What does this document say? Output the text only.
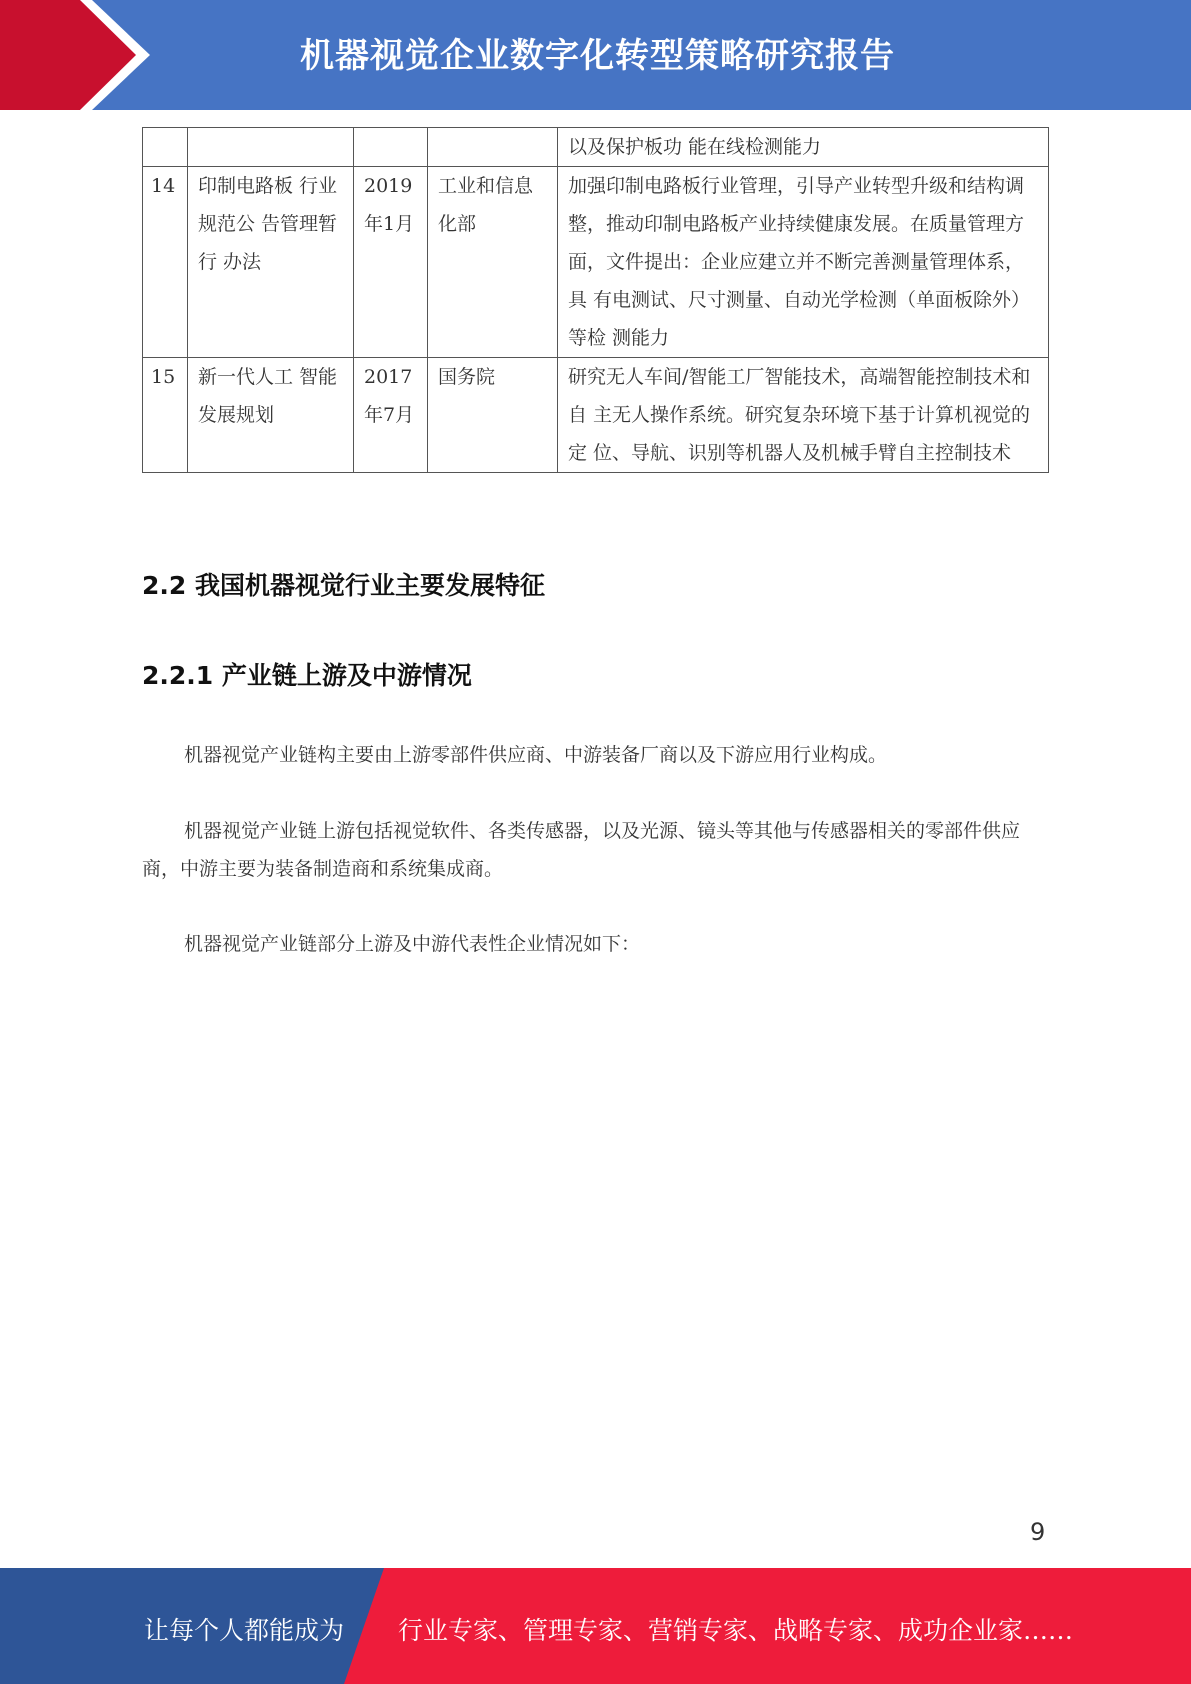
机器视觉企业数字化转型策略研究报告
				以及保护板功 能在线检测能力
14	印制电路板 行业规范公 告管理暂行 办法	2019年1月	工业和信息化部	加强印制电路板行业管理，引导产业转型升级和结构调 整，推动印制电路板产业持续健康发展。在质量管理方 面，文件提出：企业应建立并不断完善测量管理体系，具 有电测试、尺寸测量、自动光学检测（单面板除外）等检 测能力
15	新一代人工 智能发展规划	2017年7月	国务院	研究无人车间/智能工厂智能技术，高端智能控制技术和自 主无人操作系统。研究复杂环境下基于计算机视觉的定 位、导航、识别等机器人及机械手臂自主控制技术
2.2 我国机器视觉行业主要发展特征
2.2.1 产业链上游及中游情况

机器视觉产业链构主要由上游零部件供应商、中游装备厂商以及下游应用行业构成。

机器视觉产业链上游包括视觉软件、各类传感器，以及光源、镜头等其他与传感器相关的零部件供应商，中游主要为装备制造商和系统集成商。

机器视觉产业链部分上游及中游代表性企业情况如下：

9
让每个人都能成为 行业专家、管理专家、营销专家、战略专家、成功企业家……
